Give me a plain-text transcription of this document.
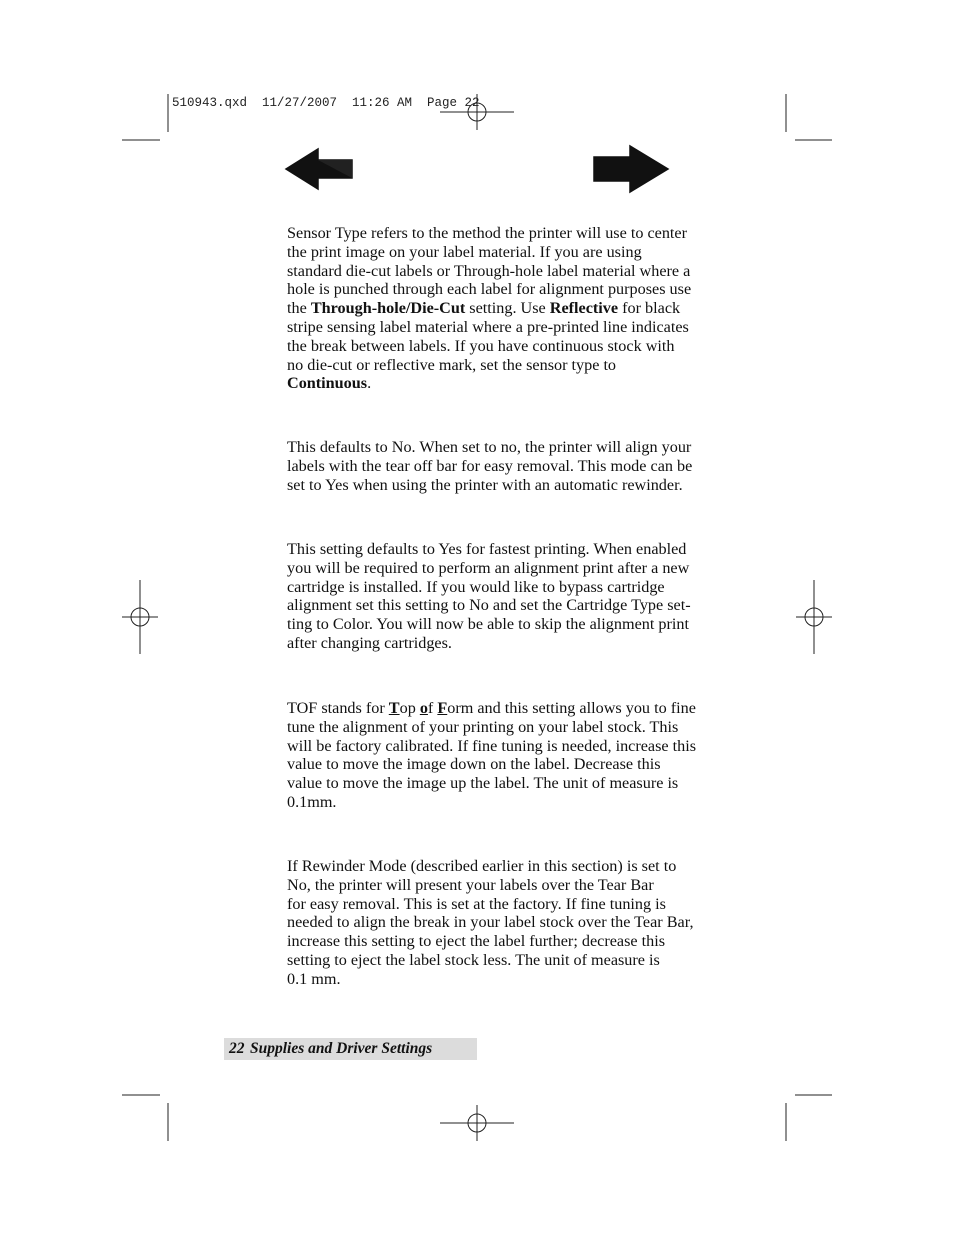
510943.qxd  11/27/2007  11:26 AM  Page 22
Sensor Type refers to the method the printer will use to center
the print image on your label material. If you are using
standard die-cut labels or Through-hole label material where a
hole is punched through each label for alignment purposes use
the Through-hole/Die-Cut setting. Use Reflective for black
stripe sensing label material where a pre-printed line indicates
the break between labels. If you have continuous stock with
no die-cut or reflective mark, set the sensor type to
Continuous.
This defaults to No. When set to no, the printer will align your
labels with the tear off bar for easy removal. This mode can be
set to Yes when using the printer with an automatic rewinder.
This setting defaults to Yes for fastest printing. When enabled
you will be required to perform an alignment print after a new
cartridge is installed. If you would like to bypass cartridge
alignment set this setting to No and set the Cartridge Type set-
ting to Color. You will now be able to skip the alignment print
after changing cartridges.
TOF stands for Top of Form and this setting allows you to fine
tune the alignment of your printing on your label stock. This
will be factory calibrated. If fine tuning is needed, increase this
value to move the image down on the label. Decrease this
value to move the image up the label. The unit of measure is
0.1mm.
If Rewinder Mode (described earlier in this section) is set to
No, the printer will present your labels over the Tear Bar
for easy removal. This is set at the factory. If fine tuning is
needed to align the break in your label stock over the Tear Bar,
increase this setting to eject the label further; decrease this
setting to eject the label stock less. The unit of measure is
0.1 mm.
22 Supplies and Driver Settings
